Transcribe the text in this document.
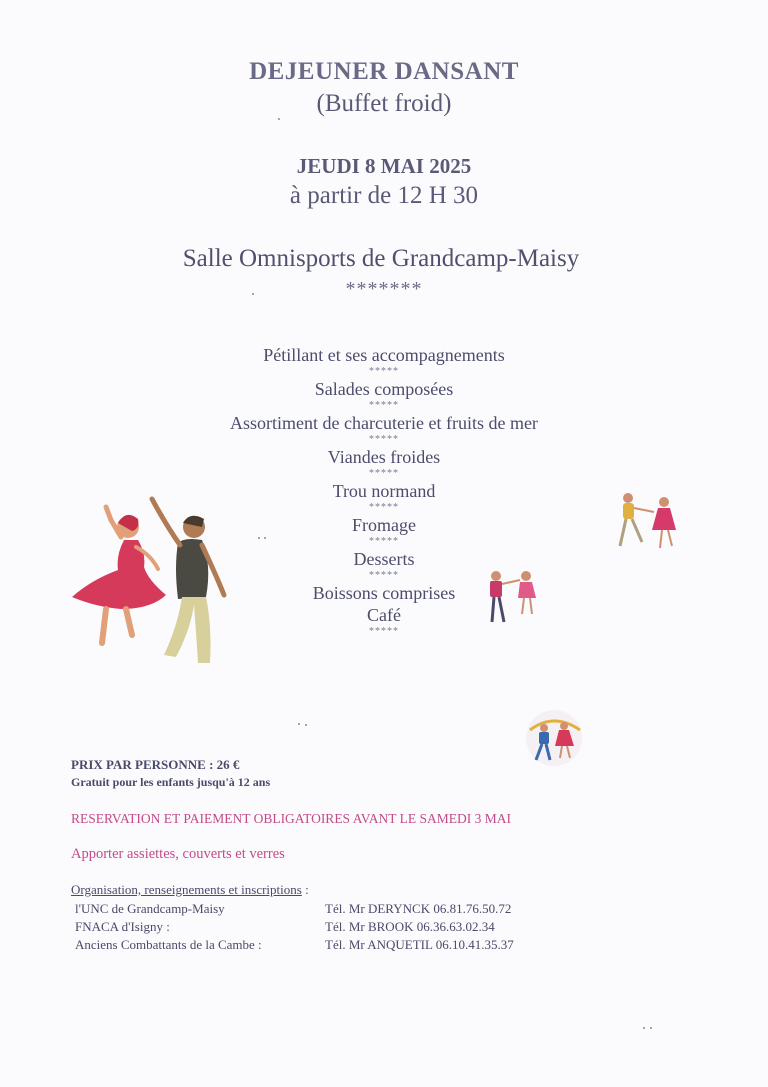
DEJEUNER DANSANT
(Buffet froid)
JEUDI 8 MAI 2025
à partir de 12 H 30
Salle Omnisports de Grandcamp-Maisy
*******
Pétillant et ses accompagnements
*****
Salades composées
*****
Assortiment de charcuterie et fruits de mer
*****
Viandes froides
*****
Trou normand
*****
Fromage
*****
Desserts
*****
Boissons comprises
Café
*****
PRIX PAR PERSONNE : 26 €
Gratuit pour les enfants jusqu'à 12 ans
RESERVATION ET PAIEMENT OBLIGATOIRES AVANT LE SAMEDI 3 MAI
Apporter assiettes, couverts et verres
Organisation, renseignements et inscriptions :
l'UNC de Grandcamp-Maisy	Tél. Mr DERYNCK 06.81.76.50.72
FNACA d'Isigny :	Tél. Mr BROOK 06.36.63.02.34
Anciens Combattants de la Cambe :	Tél. Mr ANQUETIL 06.10.41.35.37
